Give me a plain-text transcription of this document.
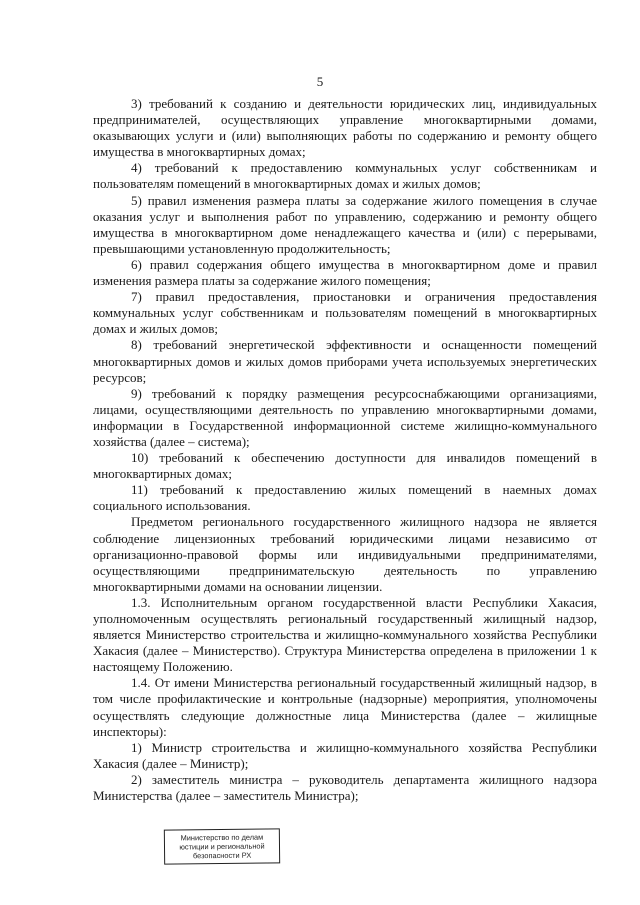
5

3) требований к созданию и деятельности юридических лиц, индивидуальных предпринимателей, осуществляющих управление многоквартирными домами, оказывающих услуги и (или) выполняющих работы по содержанию и ремонту общего имущества в многоквартирных домах;

4) требований к предоставлению коммунальных услуг собственникам и пользователям помещений в многоквартирных домах и жилых домов;

5) правил изменения размера платы за содержание жилого помещения в случае оказания услуг и выполнения работ по управлению, содержанию и ремонту общего имущества в многоквартирном доме ненадлежащего качества и (или) с перерывами, превышающими установленную продолжительность;

6) правил содержания общего имущества в многоквартирном доме и правил изменения размера платы за содержание жилого помещения;

7) правил предоставления, приостановки и ограничения предоставления коммунальных услуг собственникам и пользователям помещений в многоквартирных домах и жилых домов;

8) требований энергетической эффективности и оснащенности помещений многоквартирных домов и жилых домов приборами учета используемых энергетических ресурсов;

9) требований к порядку размещения ресурсоснабжающими организациями, лицами, осуществляющими деятельность по управлению многоквартирными домами, информации в Государственной информационной системе жилищно-коммунального хозяйства (далее – система);

10) требований к обеспечению доступности для инвалидов помещений в многоквартирных домах;

11) требований к предоставлению жилых помещений в наемных домах социального использования.

Предметом регионального государственного жилищного надзора не является соблюдение лицензионных требований юридическими лицами независимо от организационно-правовой формы или индивидуальными предпринимателями, осуществляющими предпринимательскую деятельность по управлению многоквартирными домами на основании лицензии.

1.3. Исполнительным органом государственной власти Республики Хакасия, уполномоченным осуществлять региональный государственный жилищный надзор, является Министерство строительства и жилищно-коммунального хозяйства Республики Хакасия (далее – Министерство). Структура Министерства определена в приложении 1 к настоящему Положению.

1.4. От имени Министерства региональный государственный жилищный надзор, в том числе профилактические и контрольные (надзорные) мероприятия, уполномочены осуществлять следующие должностные лица Министерства (далее – жилищные инспекторы):

1) Министр строительства и жилищно-коммунального хозяйства Республики Хакасия (далее – Министр);

2) заместитель министра – руководитель департамента жилищного надзора Министерства (далее – заместитель Министра);

Министерство по делам
юстиции и региональной
безопасности РХ
